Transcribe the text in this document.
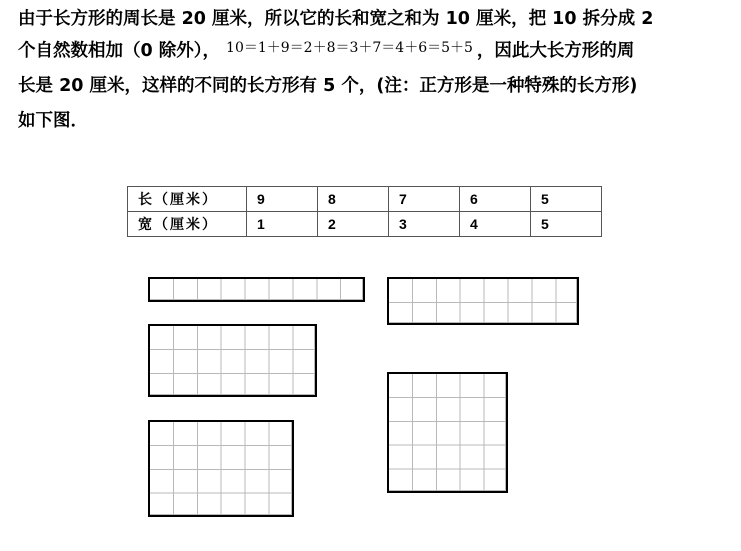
由于长方形的周长是 20 厘米，所以它的长和宽之和为 10 厘米，把 10 拆分成 2
个自然数相加（0 除外）， $^{10=1+9=2+8=3+7=4+6=5+5}$ ，因此大长方形的周
长是 20 厘米，这样的不同的长方形有 5 个，(注：正方形是一种特殊的长方形)
如下图．
长（厘米）	9	8	7	6	5
宽（厘米）	1	2	3	4	5
